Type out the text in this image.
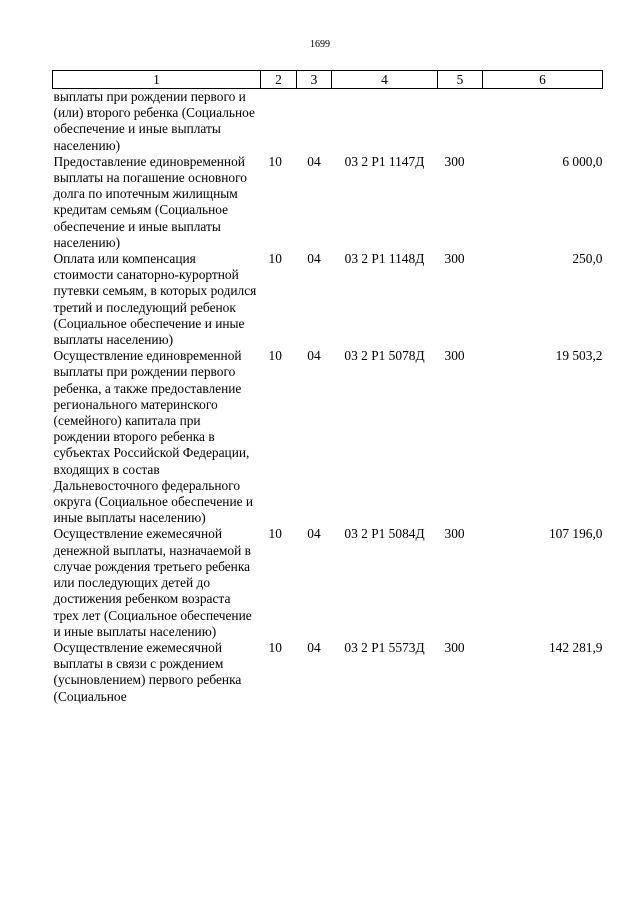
1699
1	2	3	4	5	6
выплаты при рождении первого и (или) второго ребенка (Социальное обеспечение и иные выплаты населению)					
Предоставление единовременной выплаты на погашение основного долга по ипотечным жилищным кредитам семьям (Социальное обеспечение и иные выплаты населению)	10	04	03 2 P1 1147Д	300	6 000,0
Оплата или компенсация стоимости санаторно-курортной путевки семьям, в которых родился третий и последующий ребенок (Социальное обеспечение и иные выплаты населению)	10	04	03 2 P1 1148Д	300	250,0
Осуществление единовременной выплаты при рождении первого ребенка, а также предоставление регионального материнского (семейного) капитала при рождении второго ребенка в субъектах Российской Федерации, входящих в состав Дальневосточного федерального округа (Социальное обеспечение и иные выплаты населению)	10	04	03 2 P1 5078Д	300	19 503,2
Осуществление ежемесячной денежной выплаты, назначаемой в случае рождения третьего ребенка или последующих детей до достижения ребенком возраста трех лет (Социальное обеспечение и иные выплаты населению)	10	04	03 2 P1 5084Д	300	107 196,0
Осуществление ежемесячной выплаты в связи с рождением (усыновлением) первого ребенка (Социальное	10	04	03 2 P1 5573Д	300	142 281,9
